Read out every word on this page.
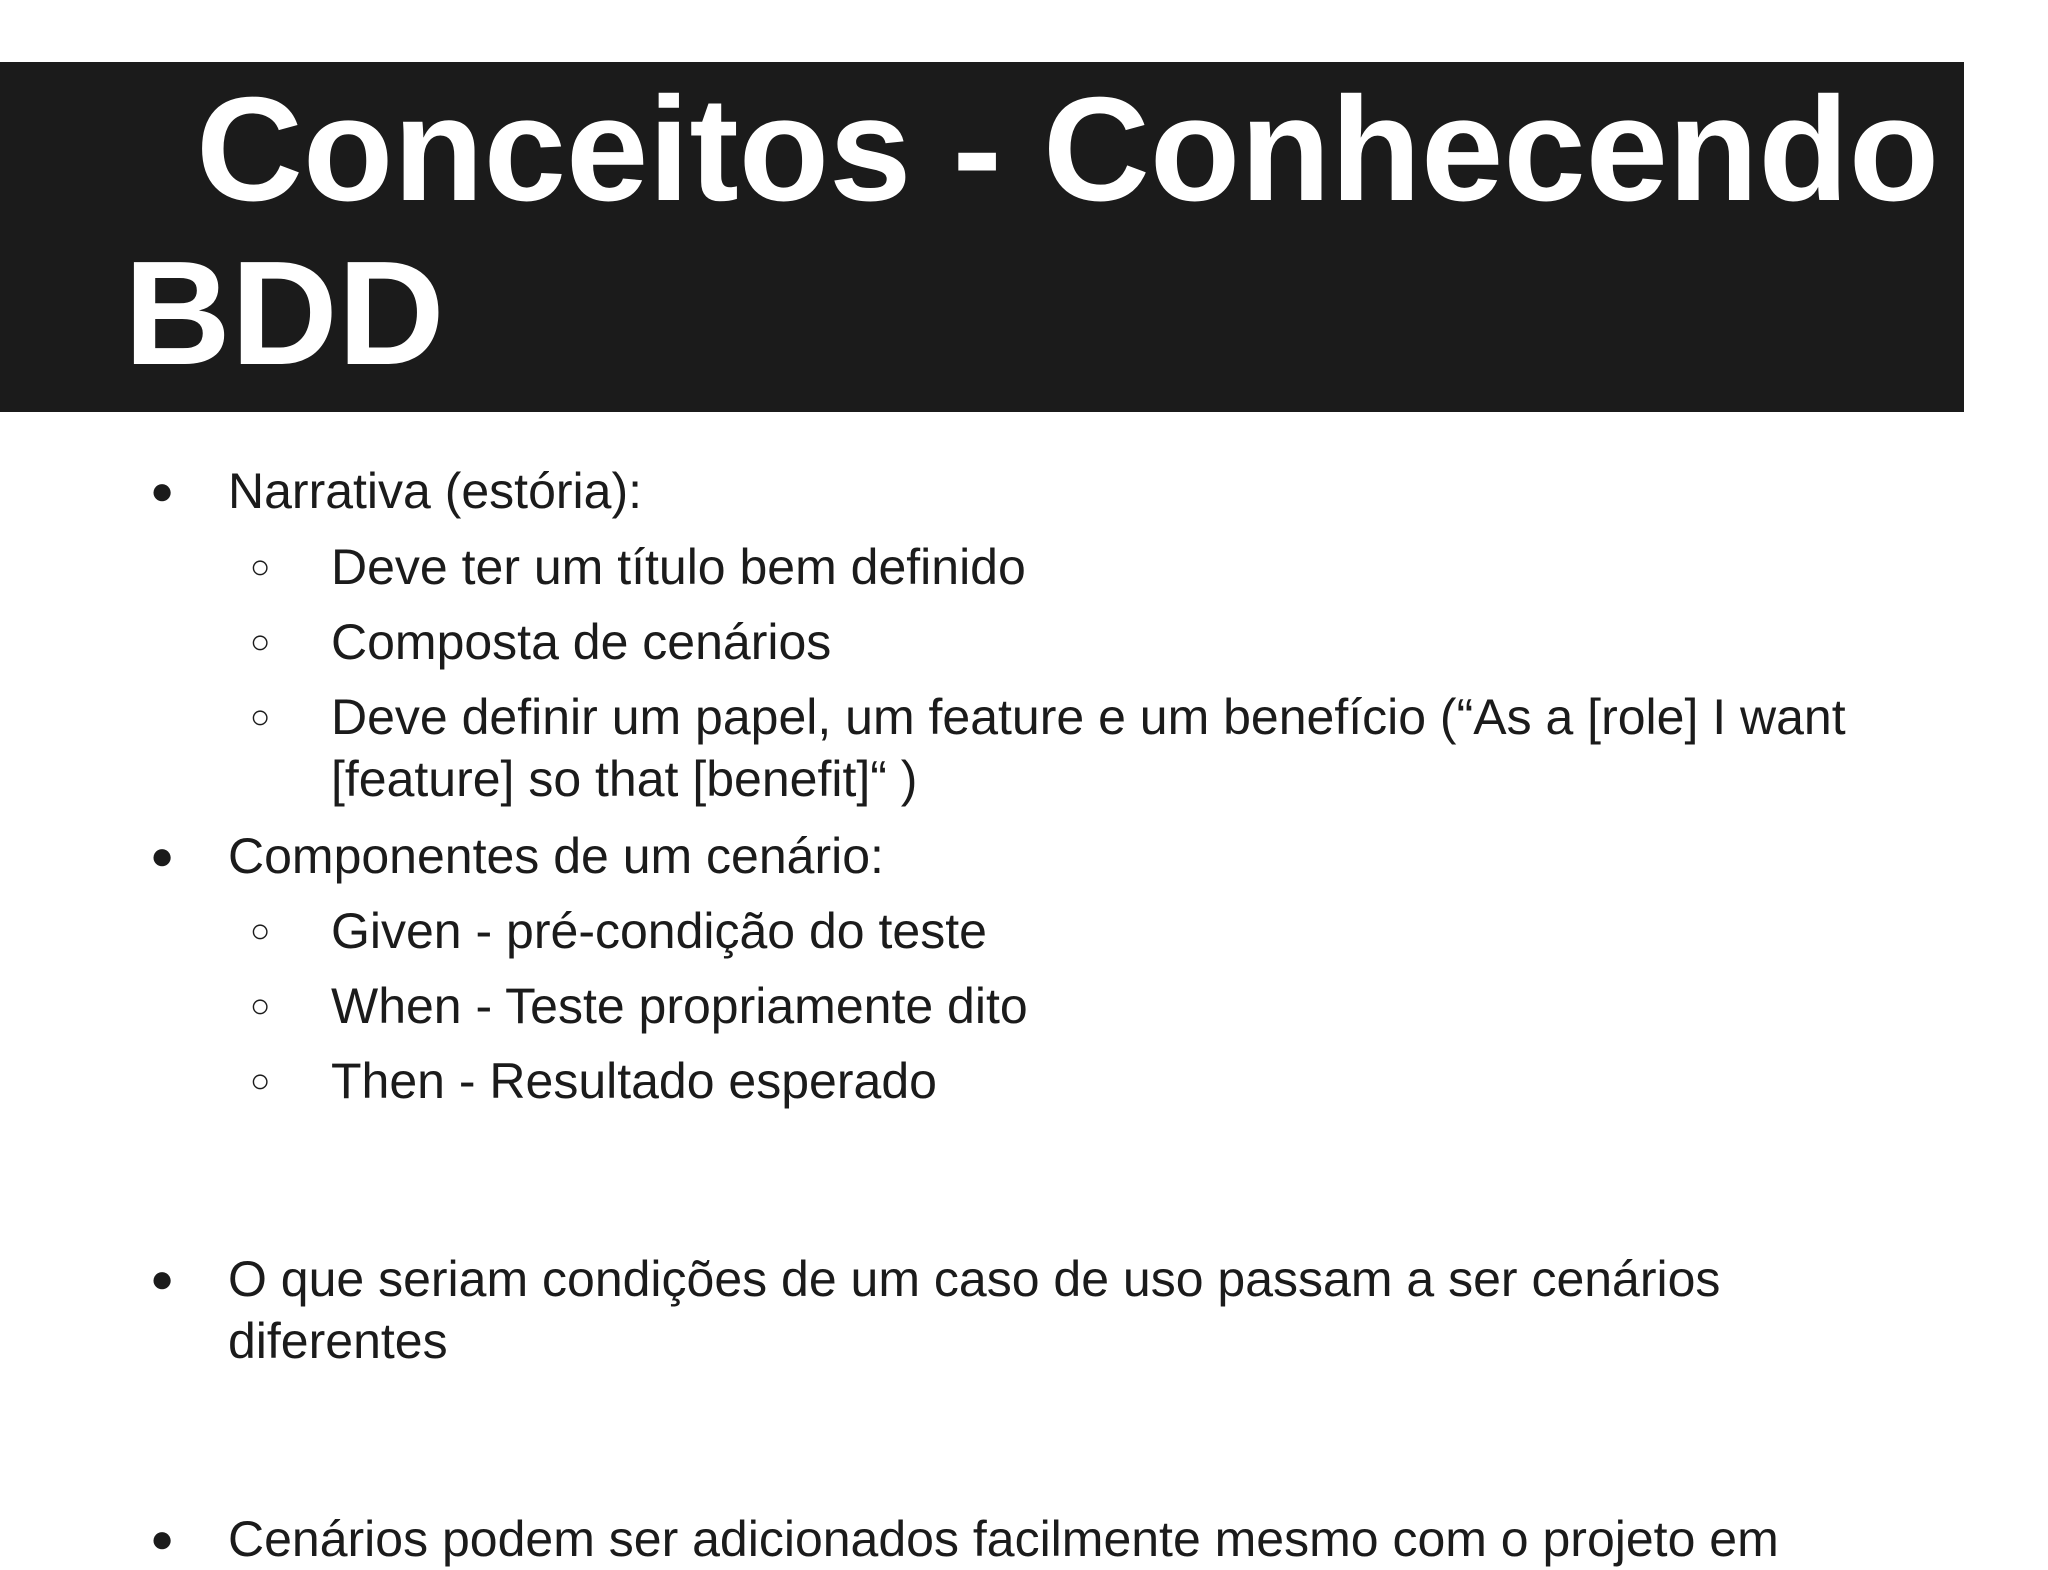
Conceitos - Conhecendo
BDD
● Narrativa (estória):
○ Deve ter um título bem definido
○ Composta de cenários
○ Deve definir um papel, um feature e um benefício (“As a [role] I want [feature] so that [benefit]“ )
● Componentes de um cenário:
○ Given - pré-condição do teste
○ When - Teste propriamente dito
○ Then - Resultado esperado
● O que seriam condições de um caso de uso passam a ser cenários diferentes
● Cenários podem ser adicionados facilmente mesmo com o projeto em
